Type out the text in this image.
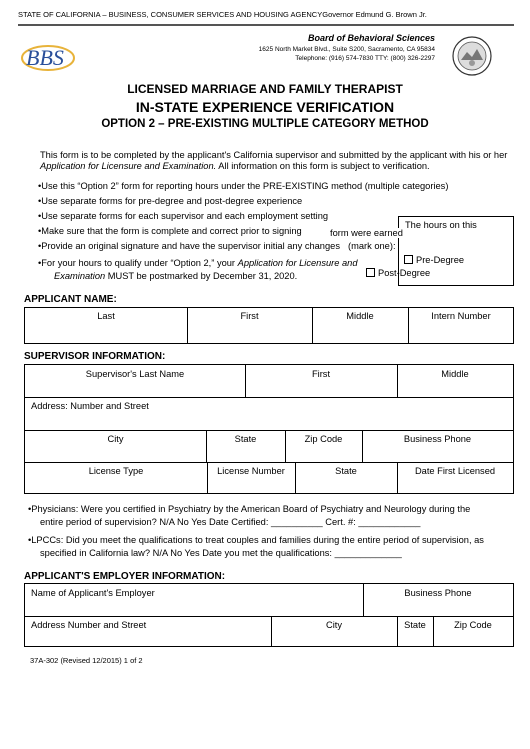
STATE OF CALIFORNIA – BUSINESS, CONSUMER SERVICES AND HOUSING AGENCYGovernor Edmund G. Brown Jr.
BBS
Board of Behavioral Sciences
1625 North Market Blvd., Suite S200, Sacramento, CA 95834
Telephone: (916) 574-7830 TTY: (800) 326-2297
LICENSED MARRIAGE AND FAMILY THERAPIST
IN-STATE EXPERIENCE VERIFICATION
OPTION 2 – PRE-EXISTING MULTIPLE CATEGORY METHOD
This form is to be completed by the applicant's California supervisor and submitted by the applicant with his or her
Application for Licensure and Examination. All information on this form is subject to verification.
•Use this “Option 2” form for reporting hours under the PRE-EXISTING method (multiple categories)
•Use separate forms for pre-degree and post-degree experience
•Use separate forms for each supervisor and each employment setting
•Make sure that the form is complete and correct prior to signing
•Provide an original signature and have the supervisor initial any changes
•For your hours to qualify under “Option 2,” your Application for Licensure and
Examination MUST be postmarked by December 31, 2020.
The hours on this
form were earned
(mark one):
Pre-Degree
Post-Degree
APPLICANT NAME:
Last	First	Middle	Intern Number
SUPERVISOR INFORMATION:
Supervisor's Last Name	First	Middle
Address: Number and Street
City	State	Zip Code	Business Phone
License Type	License Number	State	Date First Licensed
•Physicians: Were you certified in Psychiatry by the American Board of Psychiatry and Neurology during the
entire period of supervision? N/A No Yes Date Certified: __________ Cert. #: ____________
•LPCCs: Did you meet the qualifications to treat couples and families during the entire period of supervision, as
specified in California law? N/A No Yes Date you met the qualifications: _____________
APPLICANT'S EMPLOYER INFORMATION:
Name of Applicant's Employer	Business Phone
Address Number and Street	City	State	Zip Code
37A-302 (Revised 12/2015) 1 of 2
